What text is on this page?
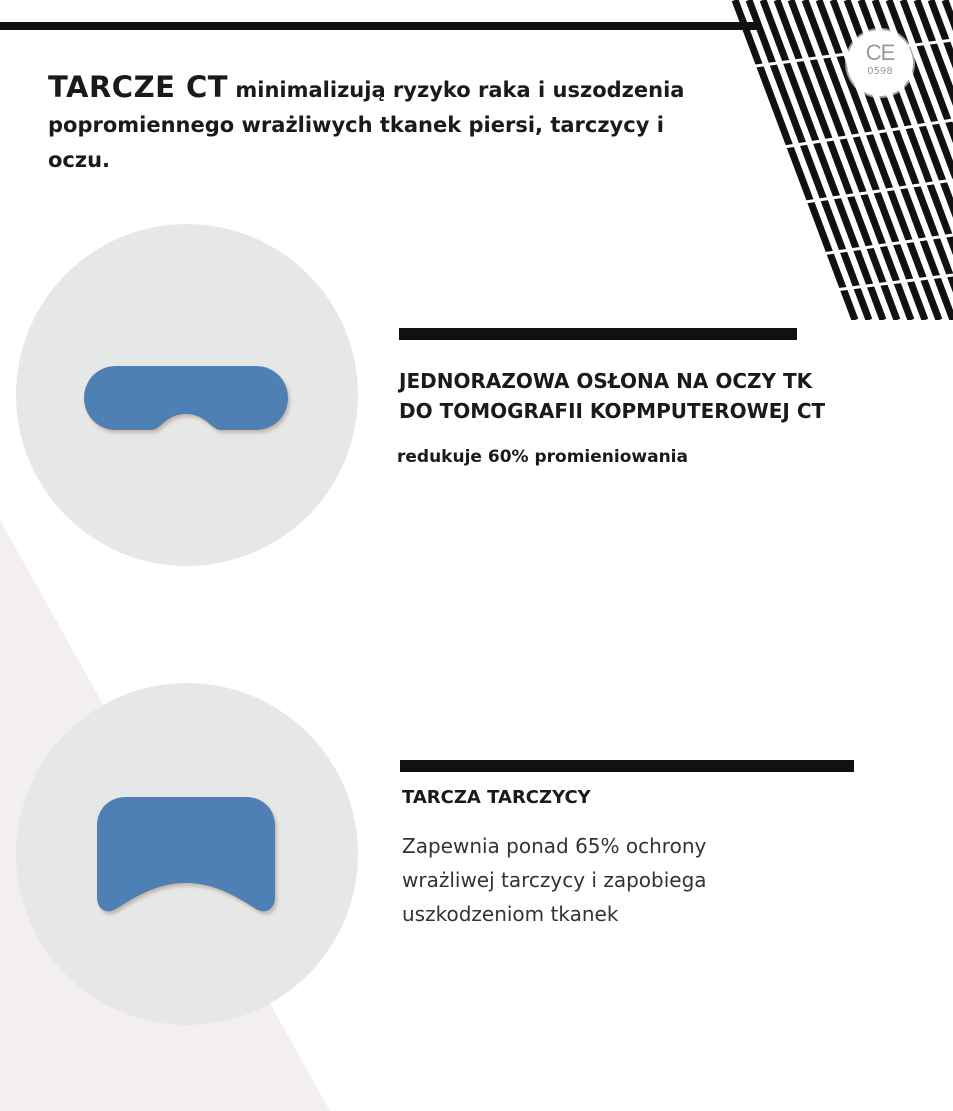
CE
0598

TARCZE CT minimalizują ryzyko raka i uszodzenia popromiennego wrażliwych tkanek piersi, tarczycy i oczu.

JEDNORAZOWA OSŁONA NA OCZY TK
DO TOMOGRAFII KOPMPUTEROWEJ CT

redukuje 60% promieniowania

TARCZA TARCZYCY

Zapewnia ponad 65% ochrony
wrażliwej tarczycy i zapobiega
uszkodzeniom tkanek
